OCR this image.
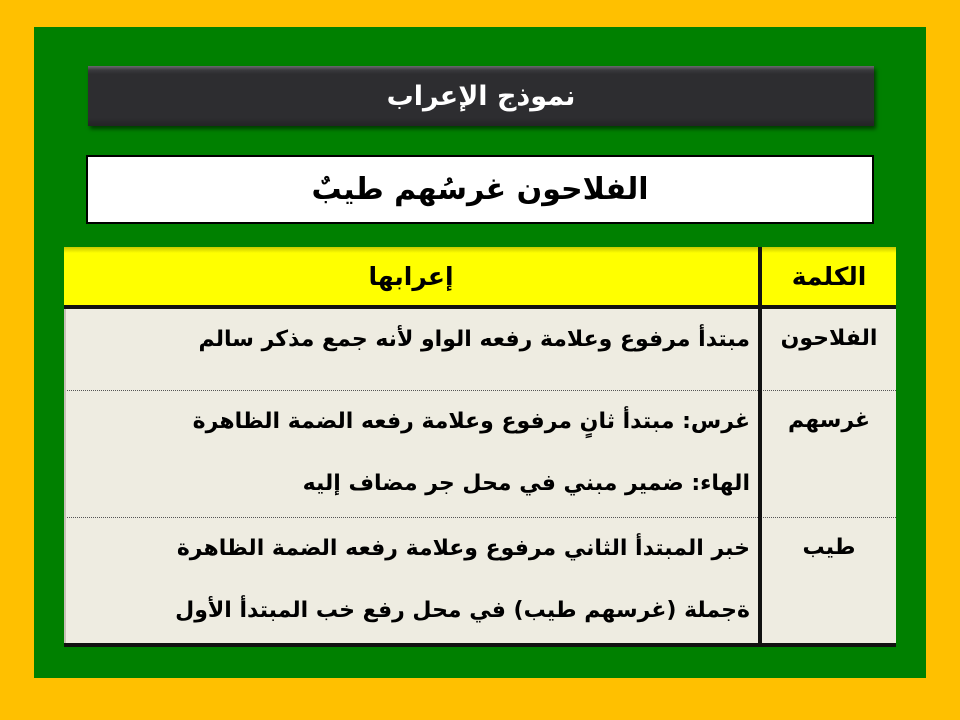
نموذج الإعراب
الفلاحون غرسُهم طيبٌ
الكلمة
إعرابها
الفلاحون
مبتدأ مرفوع وعلامة رفعه الواو لأنه جمع مذكر سالم
غرسهم
غرس: مبتدأ ثانٍ مرفوع وعلامة رفعه الضمة الظاهرة
الهاء: ضمير مبني في محل جر مضاف إليه
طيب
خبر المبتدأ الثاني مرفوع وعلامة رفعه الضمة الظاهرة
ةجملة (غرسهم طيب) في محل رفع خب المبتدأ الأول
